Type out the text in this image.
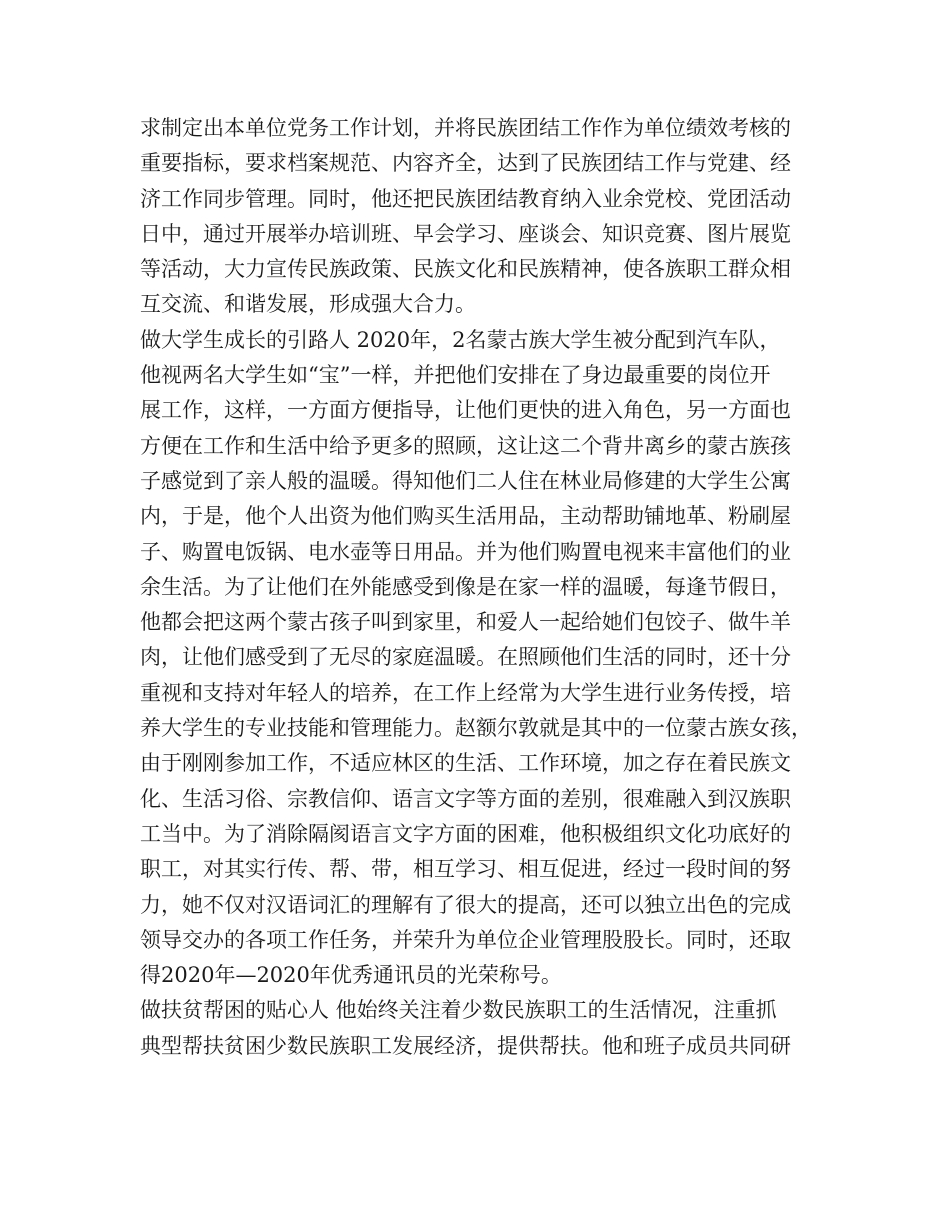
求制定出本单位党务工作计划，并将民族团结工作作为单位绩效考核的
重要指标，要求档案规范、内容齐全，达到了民族团结工作与党建、经
济工作同步管理。同时，他还把民族团结教育纳入业余党校、党团活动
日中，通过开展举办培训班、早会学习、座谈会、知识竞赛、图片展览
等活动，大力宣传民族政策、民族文化和民族精神，使各族职工群众相
互交流、和谐发展，形成强大合力。
做大学生成长的引路人 2020年，2名蒙古族大学生被分配到汽车队，
他视两名大学生如“宝”一样，并把他们安排在了身边最重要的岗位开
展工作，这样，一方面方便指导，让他们更快的进入角色，另一方面也
方便在工作和生活中给予更多的照顾，这让这二个背井离乡的蒙古族孩
子感觉到了亲人般的温暖。得知他们二人住在林业局修建的大学生公寓
内，于是，他个人出资为他们购买生活用品，主动帮助铺地革、粉刷屋
子、购置电饭锅、电水壶等日用品。并为他们购置电视来丰富他们的业
余生活。为了让他们在外能感受到像是在家一样的温暖，每逢节假日，
他都会把这两个蒙古孩子叫到家里，和爱人一起给她们包饺子、做牛羊
肉，让他们感受到了无尽的家庭温暖。在照顾他们生活的同时，还十分
重视和支持对年轻人的培养，在工作上经常为大学生进行业务传授，培
养大学生的专业技能和管理能力。赵额尔敦就是其中的一位蒙古族女孩，
由于刚刚参加工作，不适应林区的生活、工作环境，加之存在着民族文
化、生活习俗、宗教信仰、语言文字等方面的差别，很难融入到汉族职
工当中。为了消除隔阂语言文字方面的困难，他积极组织文化功底好的
职工，对其实行传、帮、带，相互学习、相互促进，经过一段时间的努
力，她不仅对汉语词汇的理解有了很大的提高，还可以独立出色的完成
领导交办的各项工作任务，并荣升为单位企业管理股股长。同时，还取
得2020年—2020年优秀通讯员的光荣称号。
做扶贫帮困的贴心人 他始终关注着少数民族职工的生活情况，注重抓
典型帮扶贫困少数民族职工发展经济，提供帮扶。他和班子成员共同研
